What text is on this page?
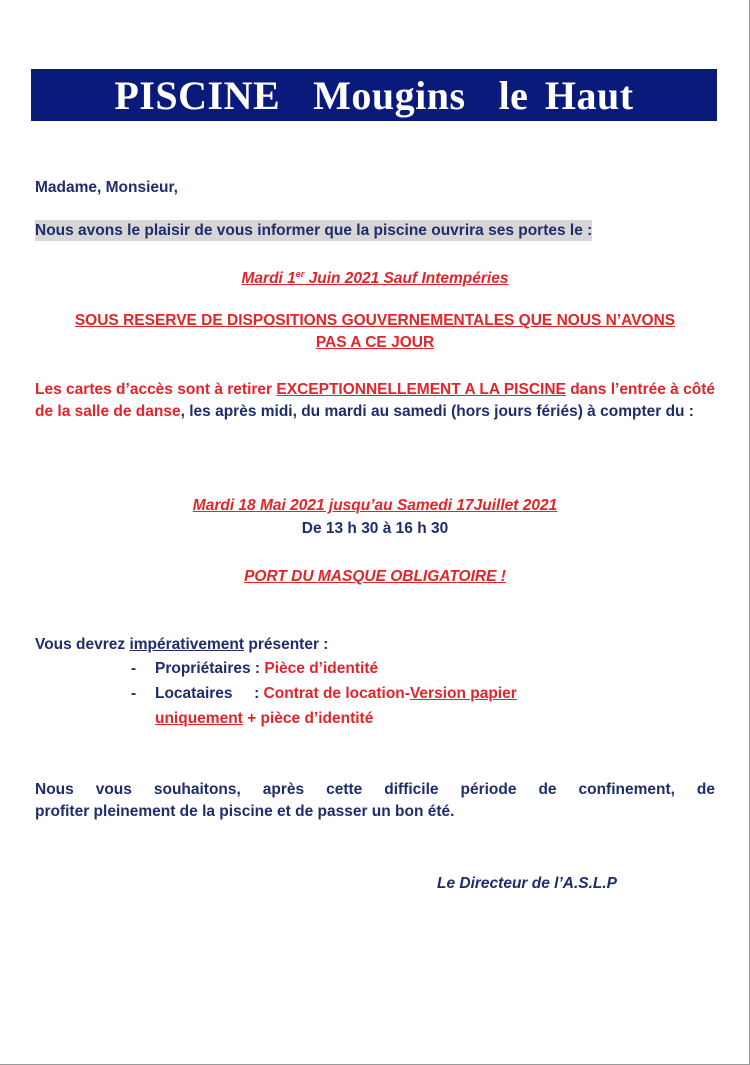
PISCINE  Mougins  le Haut
Madame, Monsieur,
Nous avons le plaisir de vous informer que la piscine ouvrira ses portes le :
Mardi 1er Juin 2021 Sauf Intempéries
SOUS RESERVE DE DISPOSITIONS GOUVERNEMENTALES QUE NOUS N’AVONS
PAS A CE JOUR
Les cartes d’accès sont à retirer EXCEPTIONNELLEMENT A LA PISCINE dans l’entrée à côté de la salle de danse, les après midi, du mardi au samedi (hors jours fériés) à compter du :
Mardi 18 Mai 2021 jusqu’au Samedi 17Juillet 2021
De 13 h 30 à 16 h 30
PORT DU MASQUE OBLIGATOIRE !
Vous devrez impérativement présenter :
- Propriétaires : Pièce d’identité
- Locataires     : Contrat de location-Version papier
uniquement + pièce d’identité
Nous vous souhaitons, après cette difficile période de confinement, de
profiter pleinement de la piscine et de passer un bon été.
Le Directeur de l’A.S.L.P
